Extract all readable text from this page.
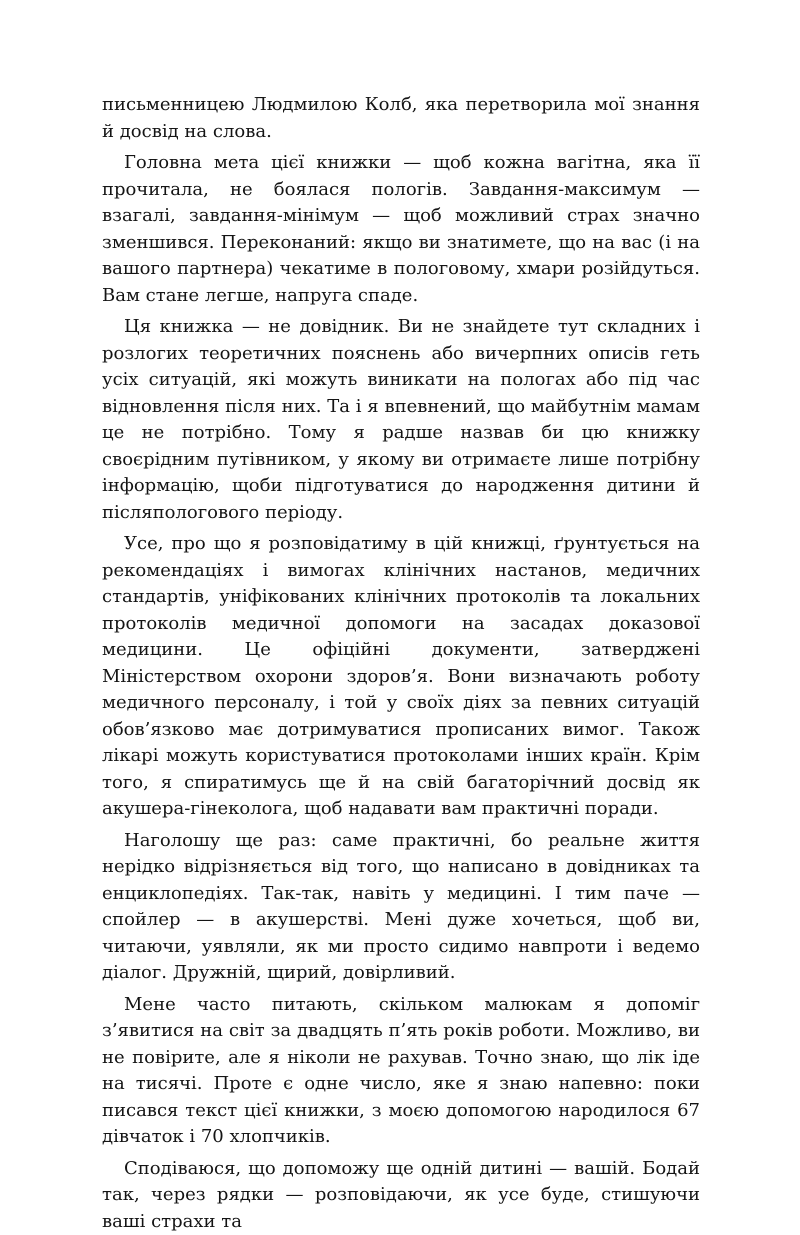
письменницею Людмилою Колб, яка перетворила мої знання й досвід на слова.

Головна мета цієї книжки — щоб кожна вагітна, яка її прочитала, не боялася пологів. Завдання-максимум — взагалі, завдання-мінімум — щоб можливий страх значно зменшився. Переконаний: якщо ви знатимете, що на вас (і на вашого партнера) чекатиме в пологовому, хмари розійдуться. Вам стане легше, напруга спаде.

Ця книжка — не довідник. Ви не знайдете тут складних і розлогих теоретичних пояснень або вичерпних описів геть усіх ситуацій, які можуть виникати на пологах або під час відновлення після них. Та і я впевнений, що майбутнім мамам це не потрібно. Тому я радше назвав би цю книжку своєрідним путівником, у якому ви отримаєте лише потрібну інформацію, щоби підготуватися до народження дитини й післяпологового періоду.

Усе, про що я розповідатиму в цій книжці, ґрунтується на рекомендаціях і вимогах клінічних настанов, медичних стандартів, уніфікованих клінічних протоколів та локальних протоколів медичної допомоги на засадах доказової медицини. Це офіційні документи, затверджені Міністерством охорони здоров’я. Вони визначають роботу медичного персоналу, і той у своїх діях за певних ситуацій обов’язково має дотримуватися прописаних вимог. Також лікарі можуть користуватися протоколами інших країн. Крім того, я спиратимусь ще й на свій багаторічний досвід як акушера-гінеколога, щоб надавати вам практичні поради.

Наголошу ще раз: саме практичні, бо реальне життя нерідко відрізняється від того, що написано в довідниках та енциклопедіях. Так-так, навіть у медицині. І тим паче — спойлер — в акушерстві. Мені дуже хочеться, щоб ви, читаючи, уявляли, як ми просто сидимо навпроти і ведемо діалог. Дружній, щирий, довірливий.

Мене часто питають, скільком малюкам я допоміг з’явитися на світ за двадцять п’ять років роботи. Можливо, ви не повірите, але я ніколи не рахував. Точно знаю, що лік іде на тисячі. Проте є одне число, яке я знаю напевно: поки писався текст цієї книжки, з моєю допомогою народилося 67 дівчаток і 70 хлопчиків.

Сподіваюся, що допоможу ще одній дитині — вашій. Бодай так, через рядки — розповідаючи, як усе буде, стишуючи ваші страхи та
